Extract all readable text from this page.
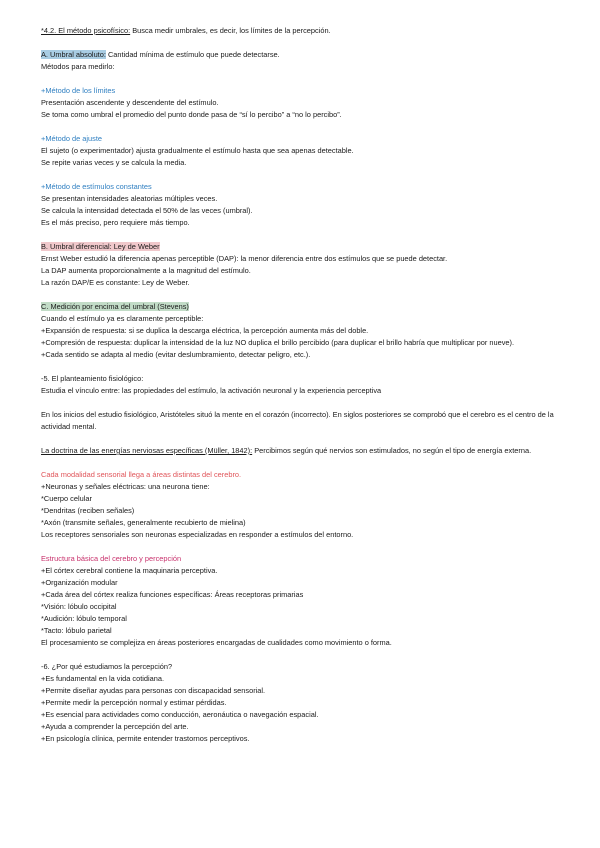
*4.2. El método psicofísico: Busca medir umbrales, es decir, los límites de la percepción.
A. Umbral absoluto: Cantidad mínima de estímulo que puede detectarse.
Métodos para medirlo:
+Método de los límites
Presentación ascendente y descendente del estímulo.
Se toma como umbral el promedio del punto donde pasa de “sí lo percibo” a “no lo percibo”.
+Método de ajuste
El sujeto (o experimentador) ajusta gradualmente el estímulo hasta que sea apenas detectable.
Se repite varias veces y se calcula la media.
+Método de estímulos constantes
Se presentan intensidades aleatorias múltiples veces.
Se calcula la intensidad detectada el 50% de las veces (umbral).
Es el más preciso, pero requiere más tiempo.
B. Umbral diferencial: Ley de Weber
Ernst Weber estudió la diferencia apenas perceptible (DAP): la menor diferencia entre dos estímulos que se puede detectar.
La DAP aumenta proporcionalmente a la magnitud del estímulo.
La razón DAP/E es constante: Ley de Weber.
C. Medición por encima del umbral (Stevens)
Cuando el estímulo ya es claramente perceptible:
+Expansión de respuesta: si se duplica la descarga eléctrica, la percepción aumenta más del doble.
+Compresión de respuesta: duplicar la intensidad de la luz NO duplica el brillo percibido (para duplicar el brillo habría que multiplicar por nueve).
+Cada sentido se adapta al medio (evitar deslumbramiento, detectar peligro, etc.).
-5. El planteamiento fisiológico:
Estudia el vínculo entre: las propiedades del estímulo, la activación neuronal y la experiencia perceptiva
En los inicios del estudio fisiológico, Aristóteles situó la mente en el corazón (incorrecto). En siglos posteriores se comprobó que el cerebro es el centro de la actividad mental.
La doctrina de las energías nerviosas específicas (Müller, 1842): Percibimos según qué nervios son estimulados, no según el tipo de energía externa.
Cada modalidad sensorial llega a áreas distintas del cerebro.
+Neuronas y señales eléctricas: una neurona tiene:
*Cuerpo celular
*Dendritas (reciben señales)
*Axón (transmite señales, generalmente recubierto de mielina)
Los receptores sensoriales son neuronas especializadas en responder a estímulos del entorno.
Estructura básica del cerebro y percepción
+El córtex cerebral contiene la maquinaria perceptiva.
+Organización modular
+Cada área del córtex realiza funciones específicas: Áreas receptoras primarias
*Visión: lóbulo occipital
*Audición: lóbulo temporal
*Tacto: lóbulo parietal
El procesamiento se complejiza en áreas posteriores encargadas de cualidades como movimiento o forma.
-6. ¿Por qué estudiamos la percepción?
+Es fundamental en la vida cotidiana.
+Permite diseñar ayudas para personas con discapacidad sensorial.
+Permite medir la percepción normal y estimar pérdidas.
+Es esencial para actividades como conducción, aeronáutica o navegación espacial.
+Ayuda a comprender la percepción del arte.
+En psicología clínica, permite entender trastornos perceptivos.
